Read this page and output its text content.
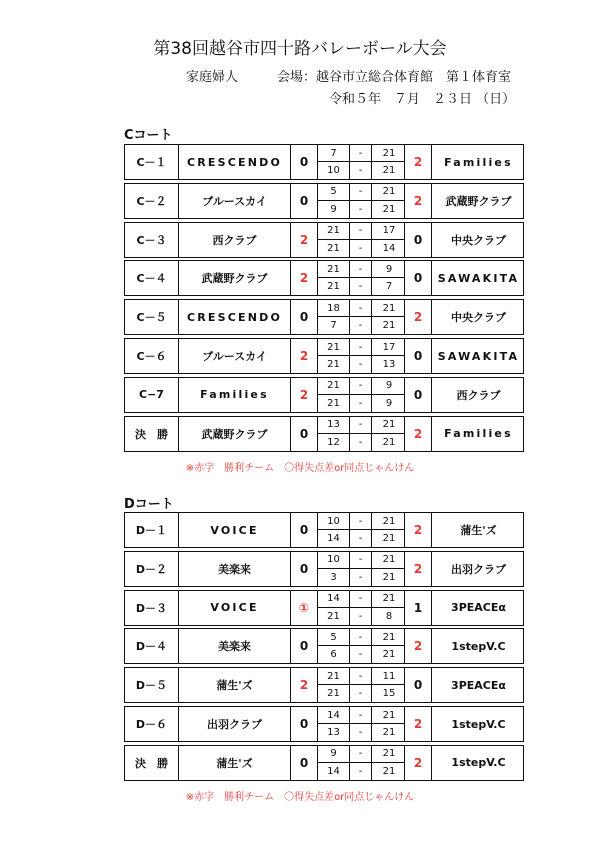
第38回越谷市四十路バレーボール大会
家庭婦人　　　	会場：越谷市立総合体育館　第１体育室
令和５年　７月　２３日 （日）
Cコート
C－１	CRESCENDO	0
7	-	21
10	-	21
2	Families
C－２	ブルースカイ	0
5	-	21
9	-	21
2	武蔵野クラブ
C－３	西クラブ	2
21	-	17
21	-	14
0	中央クラブ
C－４	武蔵野クラブ	2
21	-	9
21	-	7
0	SAWAKITA
C－５	CRESCENDO	0
18	-	21
7	-	21
2	中央クラブ
C－６	ブルースカイ	2
21	-	17
21	-	13
0	SAWAKITA
C−7	Families	2
21	-	9
21	-	9
0	西クラブ
決　勝	武蔵野クラブ	0
13	-	21
12	-	21
2	Families
※赤字　勝利チーム　〇得失点差or同点じゃんけん
Dコート
D－１	VOICE	0
10	-	21
14	-	21
2	蒲生'ズ
D－２	美楽来	0
10	-	21
3	-	21
2	出羽クラブ
D－３	VOICE	①
14	-	21
21	-	8
1	3PEACEα
D－４	美楽来	0
5	-	21
6	-	21
2	1stepV.C
D－５	蒲生'ズ	2
21	-	11
21	-	15
0	3PEACEα
D－６	出羽クラブ	0
14	-	21
13	-	21
2	1stepV.C
決　勝	蒲生'ズ	0
9	-	21
14	-	21
2	1stepV.C
※赤字　勝利チーム　〇得失点差or同点じゃんけん
